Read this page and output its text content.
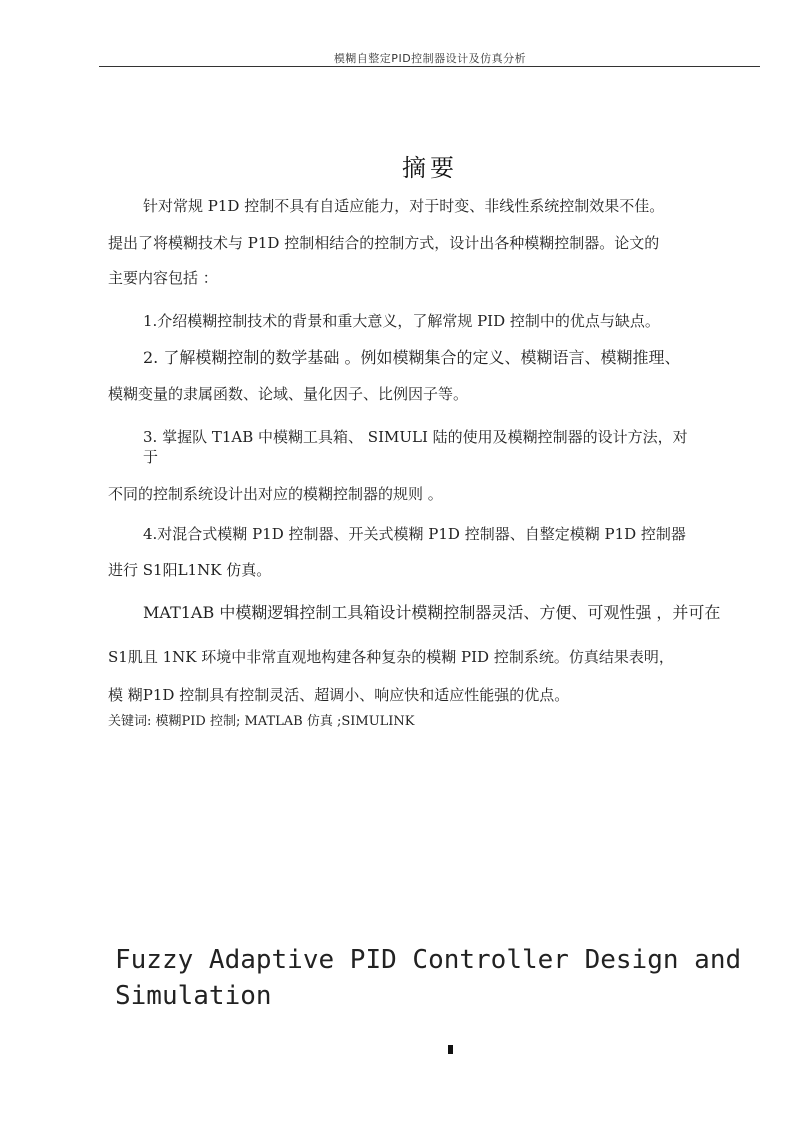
模糊自整定PID控制器设计及仿真分析
摘要
针对常规 P1D 控制不具有自适应能力，对于时变、非线性系统控制效果不佳。
提出了将模糊技术与 P1D 控制相结合的控制方式，设计出各种模糊控制器。论文的
主要内容包括 ：
1.介绍模糊控制技术的背景和重大意义，了解常规 PID 控制中的优点与缺点。
2. 了解模糊控制的数学基础 。例如模糊集合的定义、模糊语言、模糊推理、
模糊变量的隶属函数、论域、量化因子、比例因子等。
3. 掌握队 T1AB 中模糊工具箱、 SIMULI 陆的使用及模糊控制器的设计方法，对
于
不同的控制系统设计出对应的模糊控制器的规则 。
4.对混合式模糊 P1D 控制器、开关式模糊 P1D 控制器、自整定模糊 P1D 控制器
进行 S1阳L1NK 仿真。
MAT1AB 中模糊逻辑控制工具箱设计模糊控制器灵活、方便、可观性强 ，并可在
S1肌且 1NK 环境中非常直观地构建各种复杂的模糊 PID 控制系统。仿真结果表明，
模 糊P1D 控制具有控制灵活、超调小、响应快和适应性能强的优点。
关键词: 模糊PID 控制; MATLAB 仿真 ;SIMULINK
Fuzzy Adaptive PID Controller Design and
Simulation
